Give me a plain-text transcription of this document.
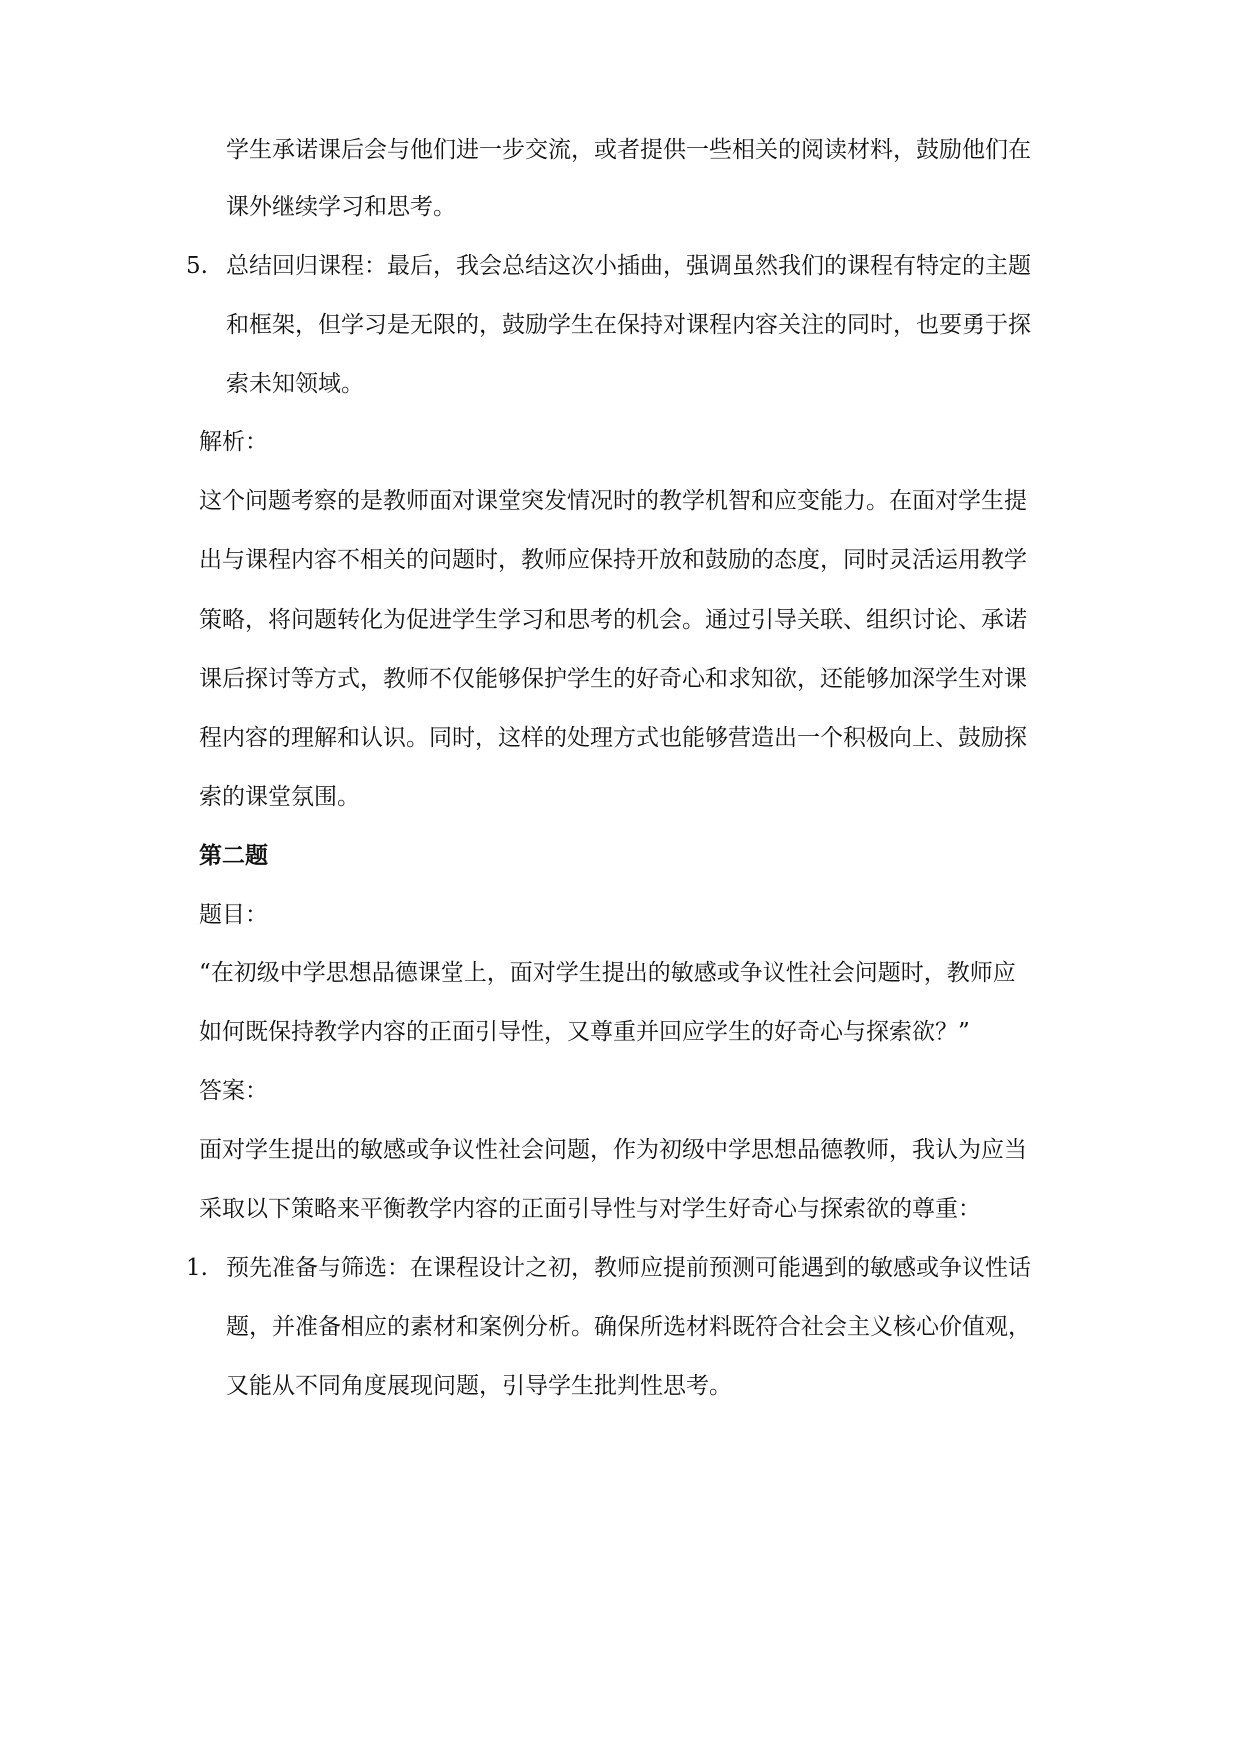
学生承诺课后会与他们进一步交流，或者提供一些相关的阅读材料，鼓励他们在
课外继续学习和思考。
5. 总结回归课程：最后，我会总结这次小插曲，强调虽然我们的课程有特定的主题
和框架，但学习是无限的，鼓励学生在保持对课程内容关注的同时，也要勇于探
索未知领域。
解析：
这个问题考察的是教师面对课堂突发情况时的教学机智和应变能力。在面对学生提
出与课程内容不相关的问题时，教师应保持开放和鼓励的态度，同时灵活运用教学
策略，将问题转化为促进学生学习和思考的机会。通过引导关联、组织讨论、承诺
课后探讨等方式，教师不仅能够保护学生的好奇心和求知欲，还能够加深学生对课
程内容的理解和认识。同时，这样的处理方式也能够营造出一个积极向上、鼓励探
索的课堂氛围。
第二题
题目：
“在初级中学思想品德课堂上，面对学生提出的敏感或争议性社会问题时，教师应
如何既保持教学内容的正面引导性，又尊重并回应学生的好奇心与探索欲？”
答案：
面对学生提出的敏感或争议性社会问题，作为初级中学思想品德教师，我认为应当
采取以下策略来平衡教学内容的正面引导性与对学生好奇心与探索欲的尊重：
1. 预先准备与筛选：在课程设计之初，教师应提前预测可能遇到的敏感或争议性话
题，并准备相应的素材和案例分析。确保所选材料既符合社会主义核心价值观，
又能从不同角度展现问题，引导学生批判性思考。
